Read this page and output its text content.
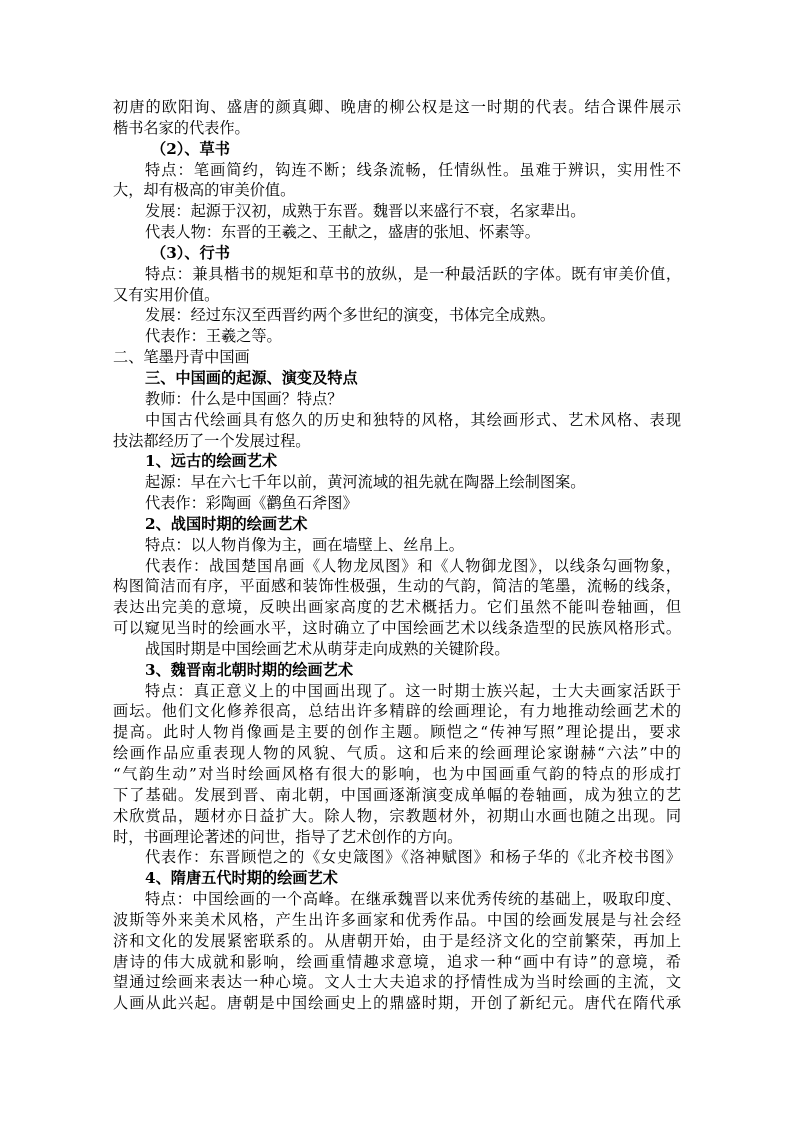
初唐的欧阳询、盛唐的颜真卿、晚唐的柳公权是这一时期的代表。结合课件展示
楷书名家的代表作。
（2）、草书
特点：笔画简约，钩连不断；线条流畅，任情纵性。虽难于辨识，实用性不
大，却有极高的审美价值。
发展：起源于汉初，成熟于东晋。魏晋以来盛行不衰，名家辈出。
代表人物：东晋的王羲之、王献之，盛唐的张旭、怀素等。
（3）、行书
特点：兼具楷书的规矩和草书的放纵，是一种最活跃的字体。既有审美价值，
又有实用价值。
发展：经过东汉至西晋约两个多世纪的演变，书体完全成熟。
代表作：王羲之等。
二、笔墨丹青中国画
三、中国画的起源、演变及特点
教师：什么是中国画？特点？
中国古代绘画具有悠久的历史和独特的风格，其绘画形式、艺术风格、表现
技法都经历了一个发展过程。
1、远古的绘画艺术
起源：早在六七千年以前，黄河流域的祖先就在陶器上绘制图案。
代表作：彩陶画《鹳鱼石斧图》
2、战国时期的绘画艺术
特点：以人物肖像为主，画在墙壁上、丝帛上。
代表作：战国楚国帛画《人物龙凤图》和《人物御龙图》，以线条勾画物象，
构图简洁而有序，平面感和装饰性极强，生动的气韵，简洁的笔墨，流畅的线条，
表达出完美的意境，反映出画家高度的艺术概括力。它们虽然不能叫卷轴画，但
可以窥见当时的绘画水平，这时确立了中国绘画艺术以线条造型的民族风格形式。
战国时期是中国绘画艺术从萌芽走向成熟的关键阶段。
3、魏晋南北朝时期的绘画艺术
特点：真正意义上的中国画出现了。这一时期士族兴起，士大夫画家活跃于
画坛。他们文化修养很高，总结出许多精辟的绘画理论，有力地推动绘画艺术的
提高。此时人物肖像画是主要的创作主题。顾恺之“传神写照”理论提出，要求
绘画作品应重表现人物的风貌、气质。这和后来的绘画理论家谢赫“六法”中的
“气韵生动”对当时绘画风格有很大的影响，也为中国画重气韵的特点的形成打
下了基础。发展到晋、南北朝，中国画逐渐演变成单幅的卷轴画，成为独立的艺
术欣赏品，题材亦日益扩大。除人物，宗教题材外，初期山水画也随之出现。同
时，书画理论著述的问世，指导了艺术创作的方向。
代表作：东晋顾恺之的《女史箴图》《洛神赋图》和杨子华的《北齐校书图》
4、隋唐五代时期的绘画艺术
特点：中国绘画的一个高峰。在继承魏晋以来优秀传统的基础上，吸取印度、
波斯等外来美术风格，产生出许多画家和优秀作品。中国的绘画发展是与社会经
济和文化的发展紧密联系的。从唐朝开始，由于是经济文化的空前繁荣，再加上
唐诗的伟大成就和影响，绘画重情趣求意境，追求一种“画中有诗”的意境，希
望通过绘画来表达一种心境。文人士大夫追求的抒情性成为当时绘画的主流，文
人画从此兴起。唐朝是中国绘画史上的鼎盛时期，开创了新纪元。唐代在隋代承
